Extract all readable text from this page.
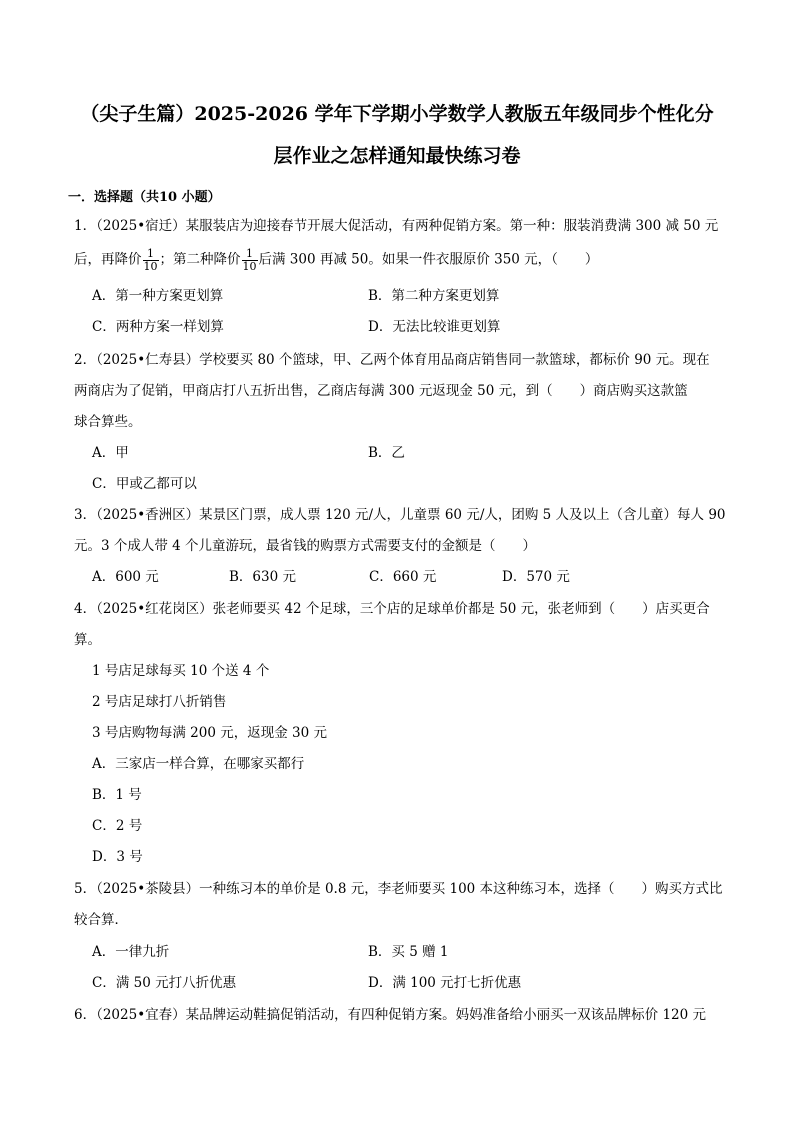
（尖子生篇）2025-2026 学年下学期小学数学人教版五年级同步个性化分
层作业之怎样通知最快练习卷
一．选择题（共10 小题）
1．（2025•宿迁）某服装店为迎接春节开展大促活动，有两种促销方案。第一种：服装消费满 300 减 50 元
后，再降价 $\frac{1}{10}$ ；第二种降价 $\frac{1}{10}$ 后满 300 再减 50。如果一件衣服原价 350 元，（　　）
A．第一种方案更划算	B．第二种方案更划算
C．两种方案一样划算	D．无法比较谁更划算
2．（2025•仁寿县）学校要买 80 个篮球，甲、乙两个体育用品商店销售同一款篮球，都标价 90 元。现在
两商店为了促销，甲商店打八五折出售，乙商店每满 300 元返现金 50 元，到（　　）商店购买这款篮
球合算些。
A．甲	B．乙
C．甲或乙都可以
3．（2025•香洲区）某景区门票，成人票 120 元/人，儿童票 60 元/人，团购 5 人及以上（含儿童）每人 90
元。3 个成人带 4 个儿童游玩，最省钱的购票方式需要支付的金额是（　　）
A．600 元	B．630 元	C．660 元	D．570 元
4．（2025•红花岗区）张老师要买 42 个足球，三个店的足球单价都是 50 元，张老师到（　　）店买更合
算。
1 号店足球每买 10 个送 4 个
2 号店足球打八折销售
3 号店购物每满 200 元，返现金 30 元
A．三家店一样合算，在哪家买都行
B．1 号
C．2 号
D．3 号
5．（2025•茶陵县）一种练习本的单价是 0.8 元，李老师要买 100 本这种练习本，选择（　　）购买方式比
较合算．
A．一律九折	B．买 5 赠 1
C．满 50 元打八折优惠	D．满 100 元打七折优惠
6．（2025•宜春）某品牌运动鞋搞促销活动，有四种促销方案。妈妈准备给小丽买一双该品牌标价 120 元
